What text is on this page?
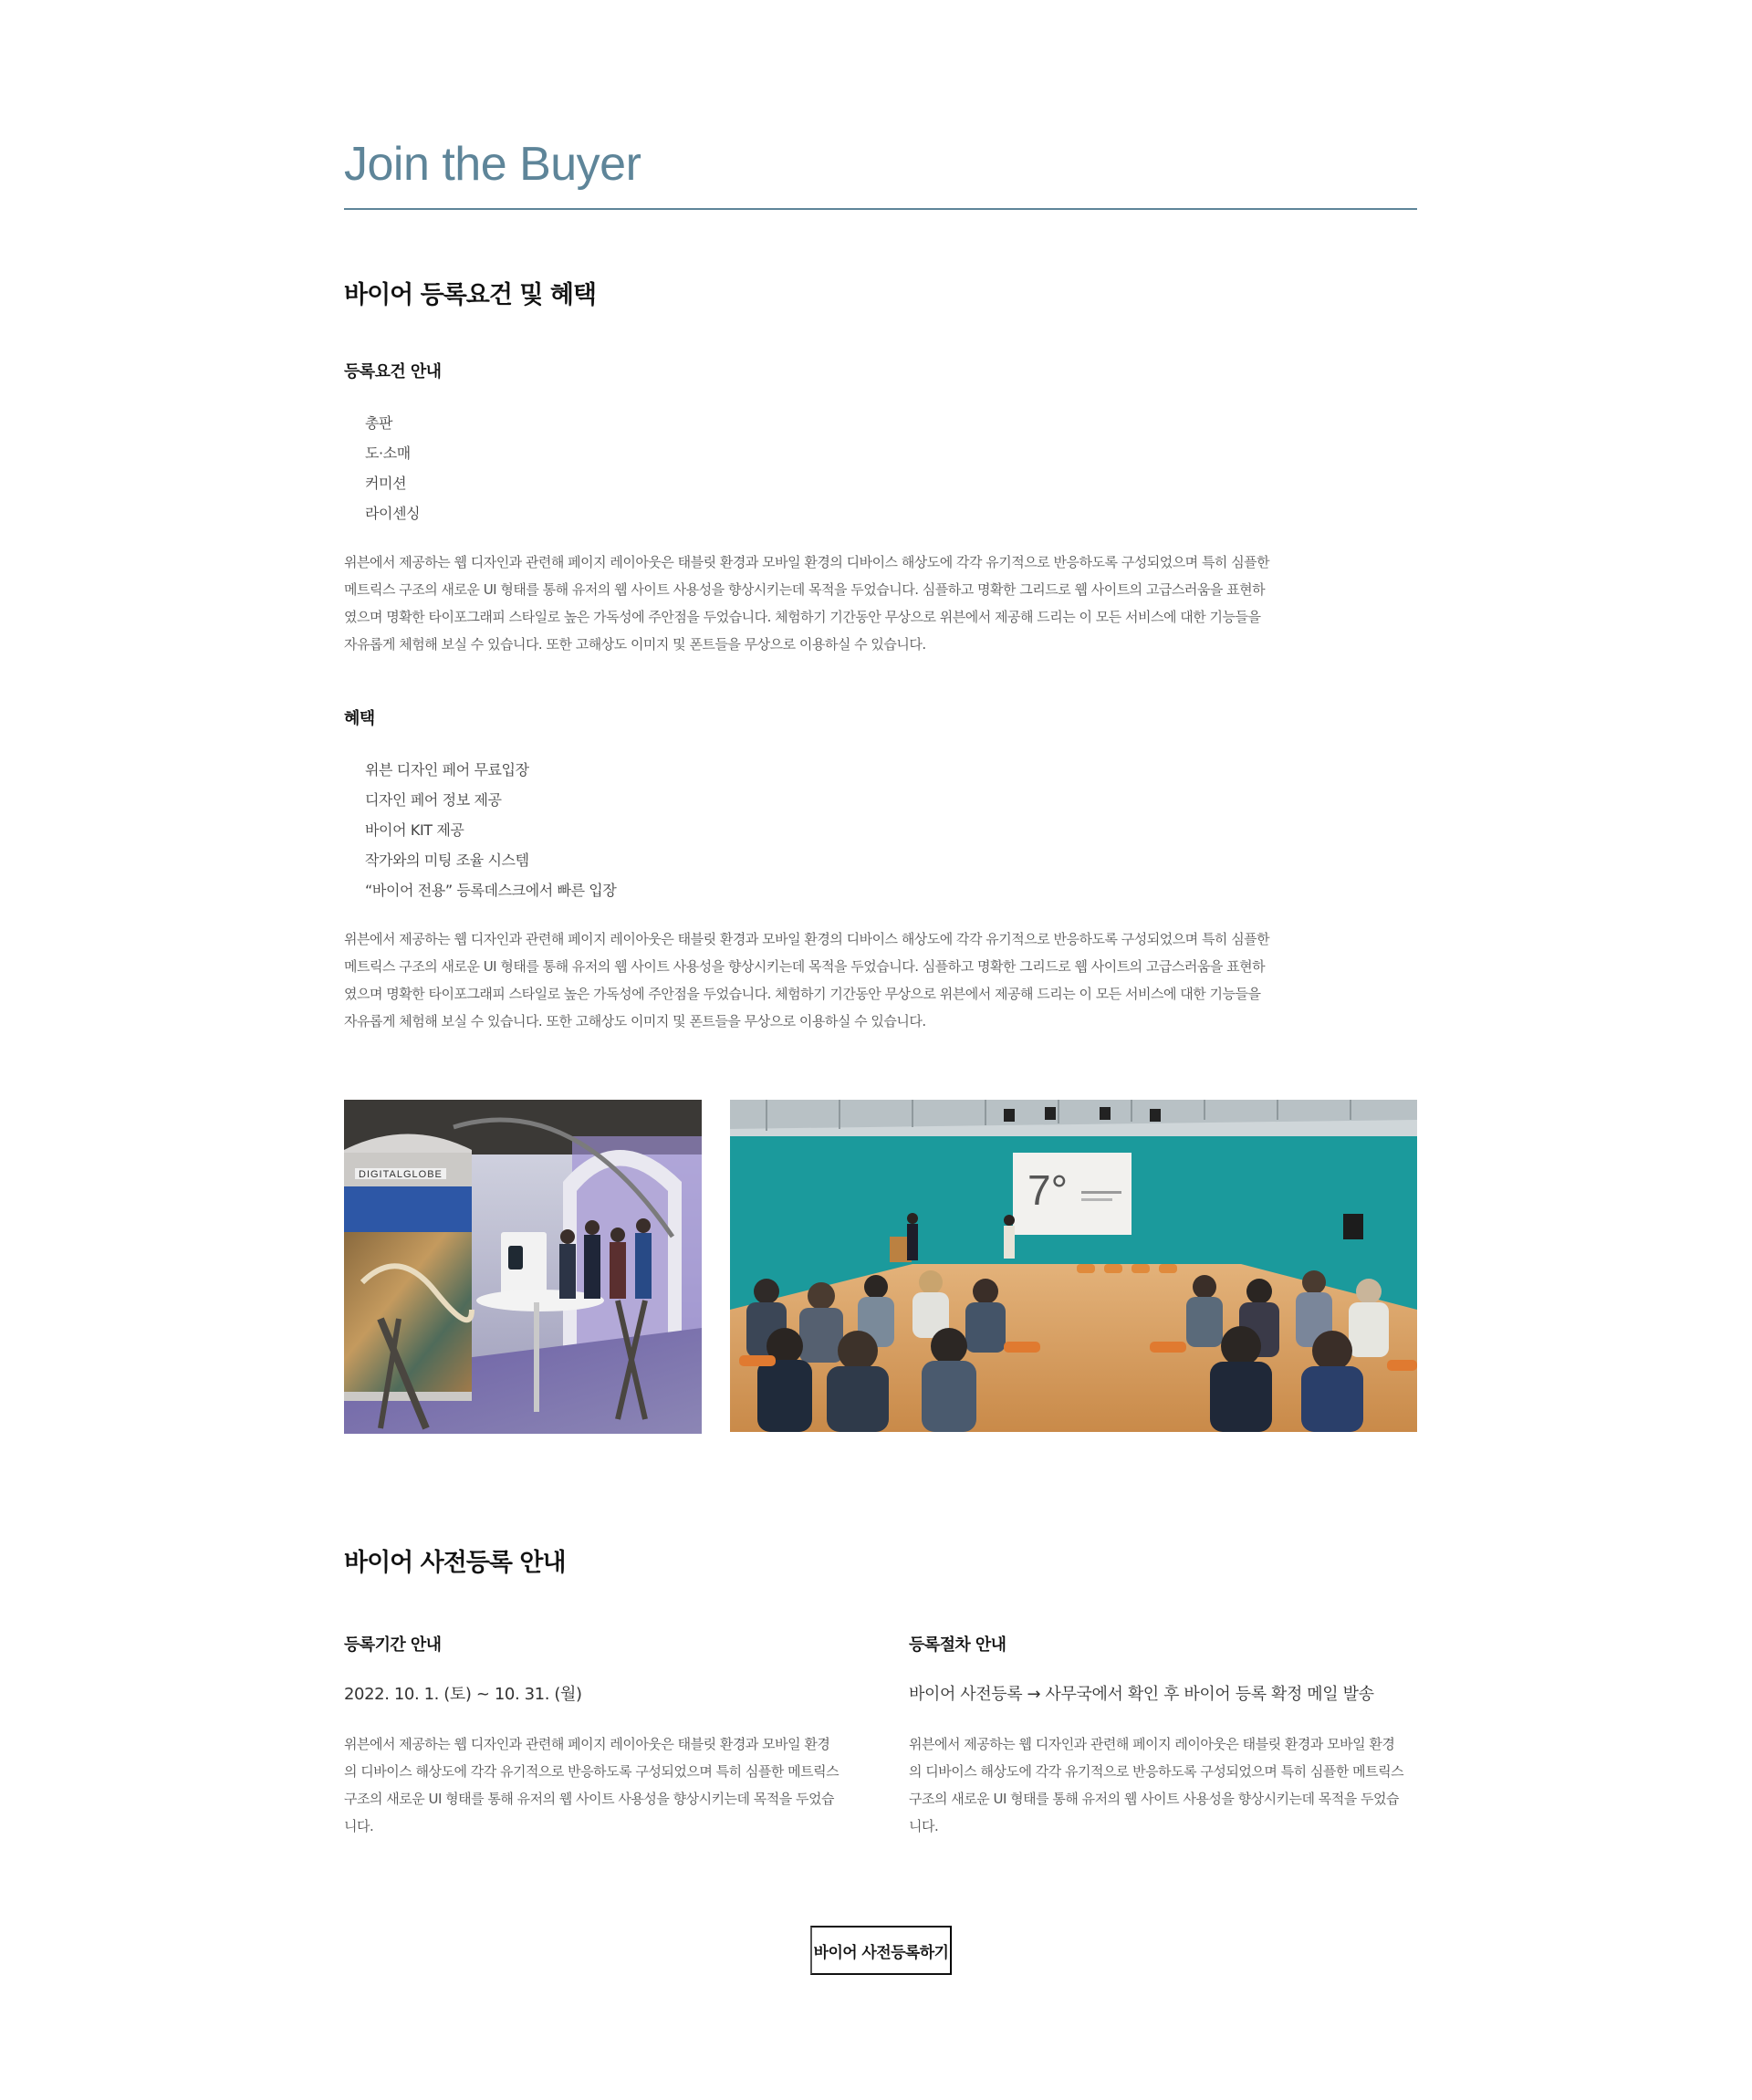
Join the Buyer
바이어 등록요건 및 혜택
등록요건 안내
총판
도·소매
커미션
라이센싱

위븐에서 제공하는 웹 디자인과 관련해 페이지 레이아웃은 태블릿 환경과 모바일 환경의 디바이스 해상도에 각각 유기적으로 반응하도록 구성되었으며 특히 심플한 메트릭스 구조의 새로운 UI 형태를 통해 유저의 웹 사이트 사용성을 향상시키는데 목적을 두었습니다. 심플하고 명확한 그리드로 웹 사이트의 고급스러움을 표현하였으며 명확한 타이포그래피 스타일로 높은 가독성에 주안점을 두었습니다. 체험하기 기간동안 무상으로 위븐에서 제공해 드리는 이 모든 서비스에 대한 기능들을 자유롭게 체험해 보실 수 있습니다. 또한 고해상도 이미지 및 폰트들을 무상으로 이용하실 수 있습니다.

혜택
위븐 디자인 페어 무료입장
디자인 페어 정보 제공
바이어 KIT 제공
작가와의 미팅 조율 시스템
“바이어 전용” 등록데스크에서 빠른 입장

위븐에서 제공하는 웹 디자인과 관련해 페이지 레이아웃은 태블릿 환경과 모바일 환경의 디바이스 해상도에 각각 유기적으로 반응하도록 구성되었으며 특히 심플한 메트릭스 구조의 새로운 UI 형태를 통해 유저의 웹 사이트 사용성을 향상시키는데 목적을 두었습니다. 심플하고 명확한 그리드로 웹 사이트의 고급스러움을 표현하였으며 명확한 타이포그래피 스타일로 높은 가독성에 주안점을 두었습니다. 체험하기 기간동안 무상으로 위븐에서 제공해 드리는 이 모든 서비스에 대한 기능들을 자유롭게 체험해 보실 수 있습니다. 또한 고해상도 이미지 및 폰트들을 무상으로 이용하실 수 있습니다.

DIGITALGLOBE	7°
바이어 사전등록 안내
등록기간 안내

2022. 10. 1. (토) ~ 10. 31. (월)

위븐에서 제공하는 웹 디자인과 관련해 페이지 레이아웃은 태블릿 환경과 모바일 환경의 디바이스 해상도에 각각 유기적으로 반응하도록 구성되었으며 특히 심플한 메트릭스 구조의 새로운 UI 형태를 통해 유저의 웹 사이트 사용성을 향상시키는데 목적을 두었습니다.

등록절차 안내

바이어 사전등록 → 사무국에서 확인 후 바이어 등록 확정 메일 발송

위븐에서 제공하는 웹 디자인과 관련해 페이지 레이아웃은 태블릿 환경과 모바일 환경의 디바이스 해상도에 각각 유기적으로 반응하도록 구성되었으며 특히 심플한 메트릭스 구조의 새로운 UI 형태를 통해 유저의 웹 사이트 사용성을 향상시키는데 목적을 두었습니다.

바이어 사전등록하기
